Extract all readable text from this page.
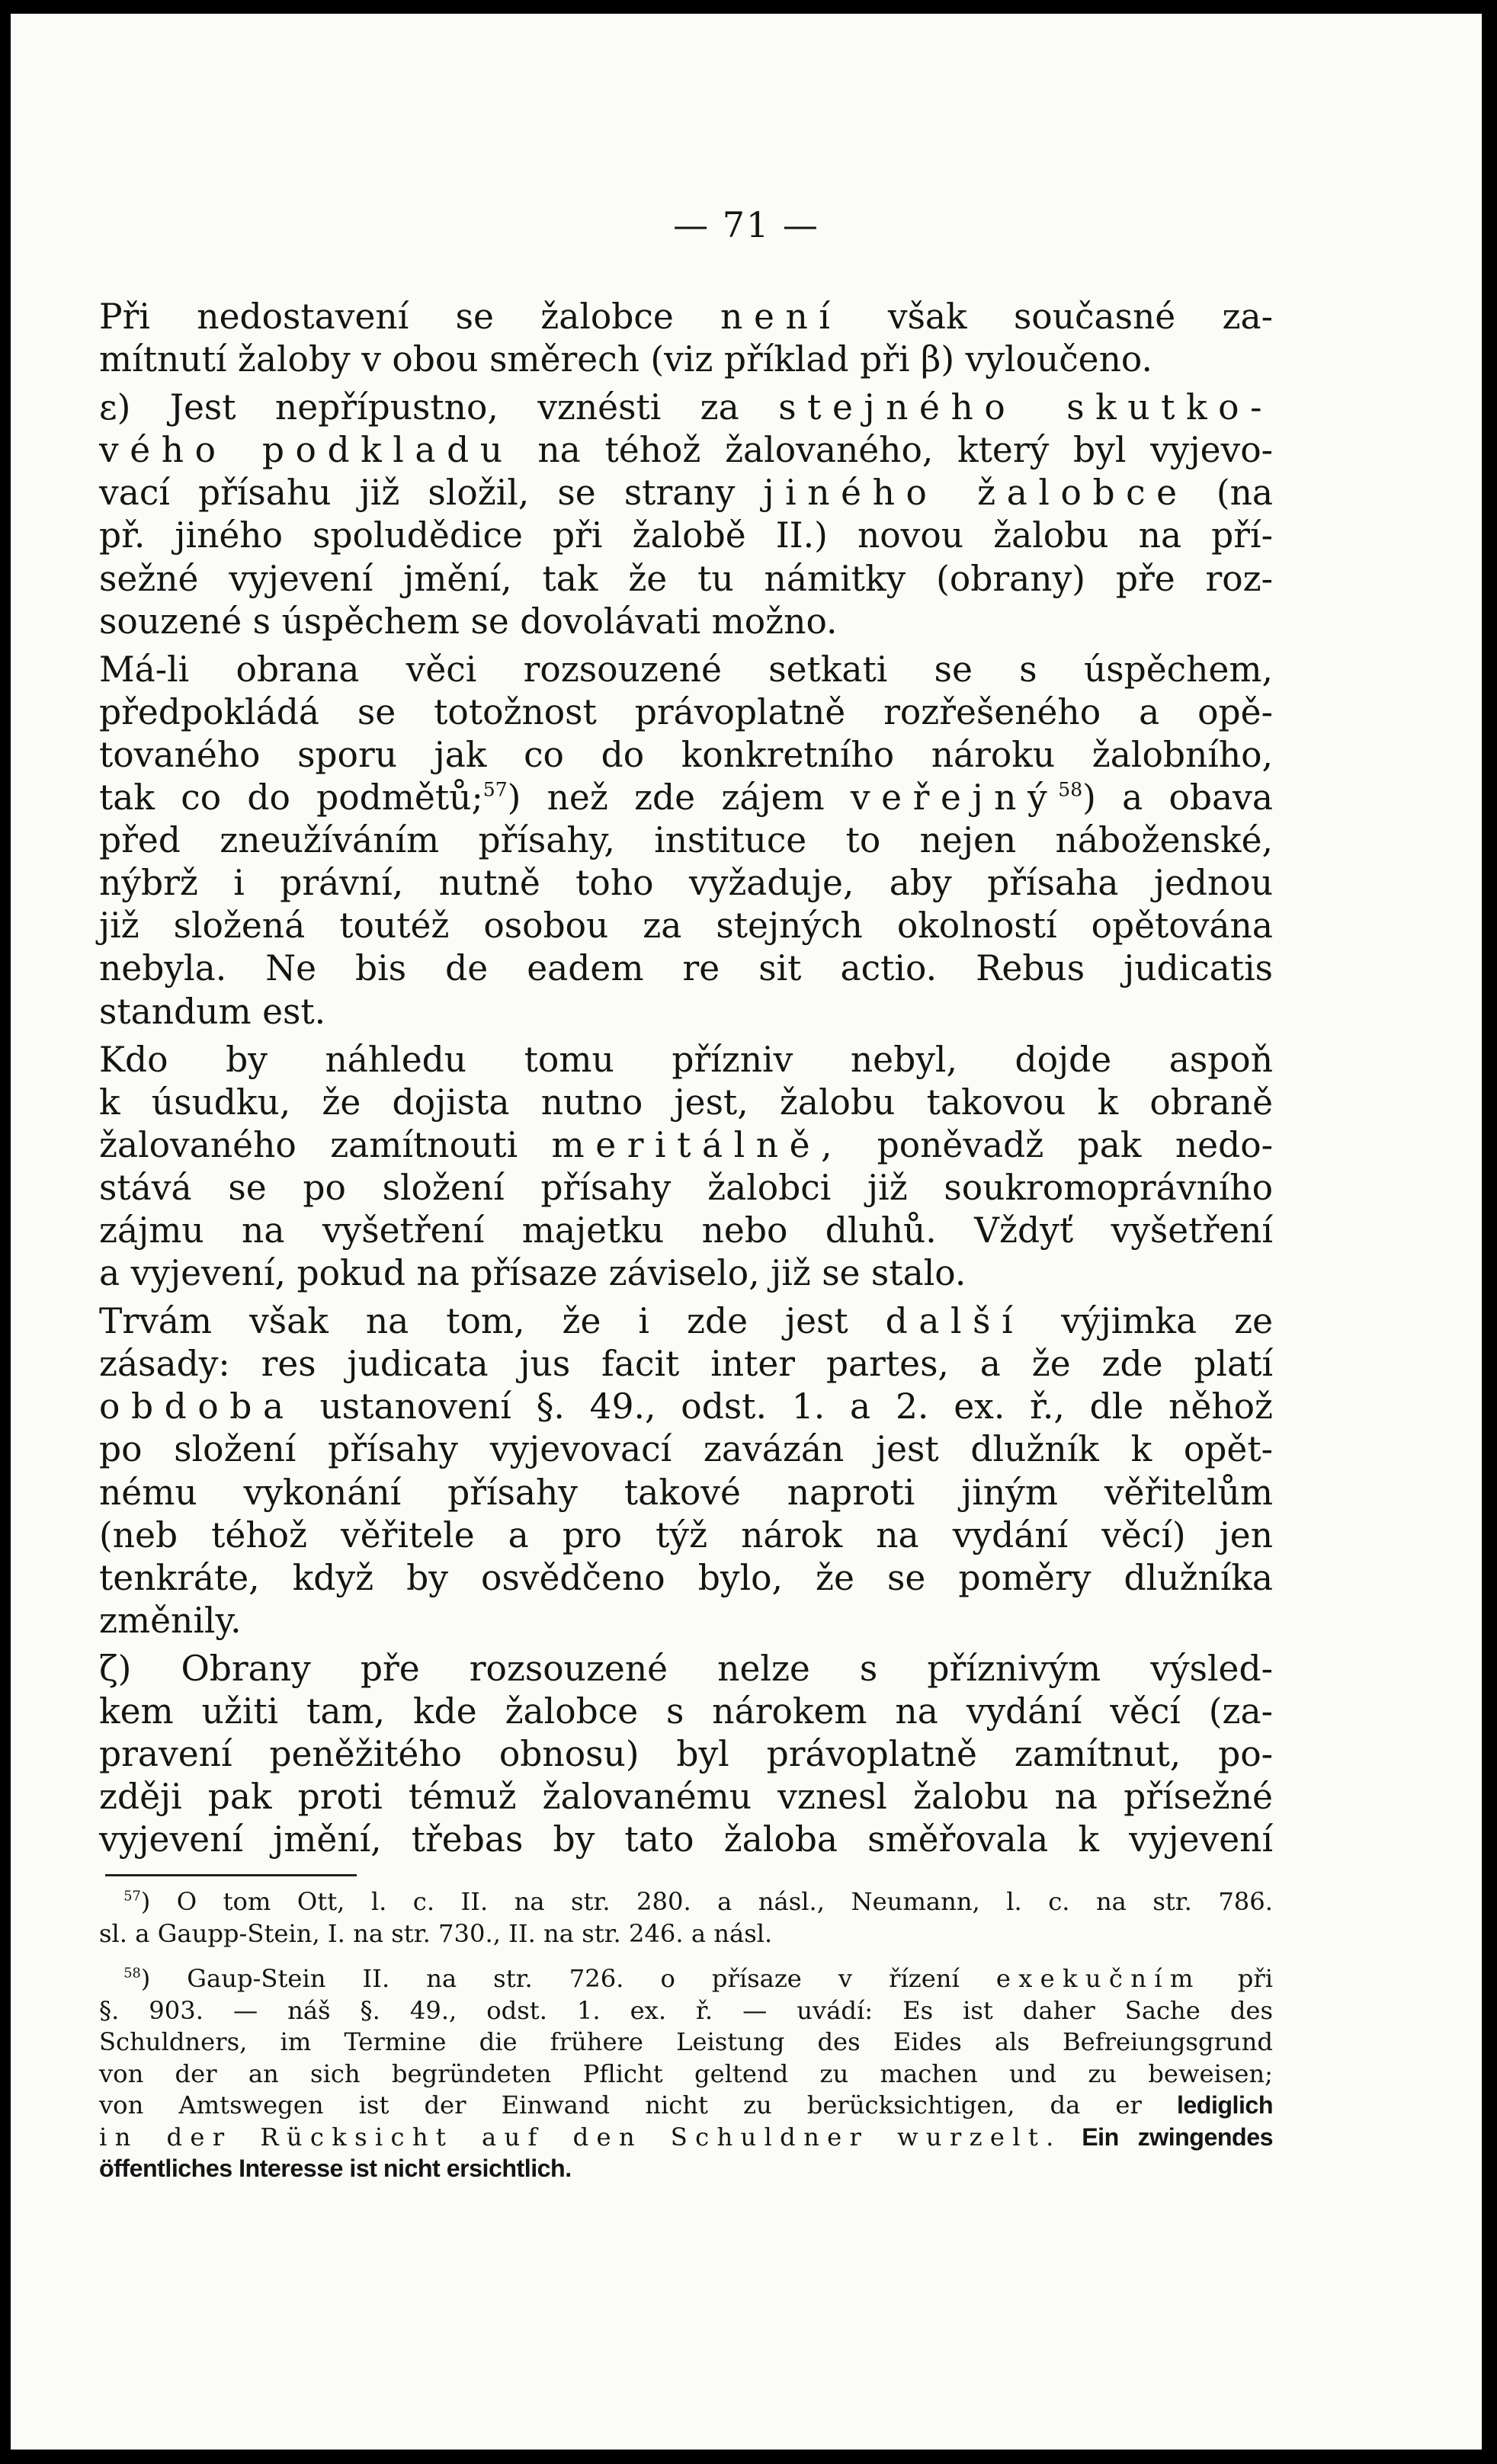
— 71 —
Při nedostavení se žalobce není však současné za-
mítnutí žaloby v obou směrech (viz příklad při β) vyloučeno.
ε) Jest nepřípustno, vznésti za stejného skutko-
vého podkladu na téhož žalovaného, který byl vyjevo-
vací přísahu již složil, se strany jiného žalobce (na
př. jiného spoludědice při žalobě II.) novou žalobu na pří-
sežné vyjevení jmění, tak že tu námitky (obrany) pře roz-
souzené s úspěchem se dovolávati možno.
Má-li obrana věci rozsouzené setkati se s úspěchem,
předpokládá se totožnost právoplatně rozřešeného a opě-
tovaného sporu jak co do konkretního nároku žalobního,
tak co do podmětů;$^{57}$) než zde zájem veřejný$^{58}$) a obava
před zneužíváním přísahy, instituce to nejen náboženské,
nýbrž i právní, nutně toho vyžaduje, aby přísaha jednou
již složená toutéž osobou za stejných okolností opětována
nebyla. Ne bis de eadem re sit actio. Rebus judicatis
standum est.
Kdo by náhledu tomu přízniv nebyl, dojde aspoň
k úsudku, že dojista nutno jest, žalobu takovou k obraně
žalovaného zamítnouti meritálně, poněvadž pak nedo-
stává se po složení přísahy žalobci již soukromoprávního
zájmu na vyšetření majetku nebo dluhů. Vždyť vyšetření
a vyjevení, pokud na přísaze záviselo, již se stalo.
Trvám však na tom, že i zde jest další výjimka ze
zásady: res judicata jus facit inter partes, a že zde platí
obdoba ustanovení §. 49., odst. 1. a 2. ex. ř., dle něhož
po složení přísahy vyjevovací zavázán jest dlužník k opět-
nému vykonání přísahy takové naproti jiným věřitelům
(neb téhož věřitele a pro týž nárok na vydání věcí) jen
tenkráte, když by osvědčeno bylo, že se poměry dlužníka
změnily.
ζ) Obrany pře rozsouzené nelze s příznivým výsled-
kem užiti tam, kde žalobce s nárokem na vydání věcí (za-
pravení peněžitého obnosu) byl právoplatně zamítnut, po-
zději pak proti témuž žalovanému vznesl žalobu na přísežné
vyjevení jmění, třebas by tato žaloba směřovala k vyjevení
 $^{57}$) O tom Ott, l. c. II. na str. 280. a násl., Neumann, l. c. na str. 786.
sl. a Gaupp-Stein, I. na str. 730., II. na str. 246. a násl.
 $^{58}$) Gaup-Stein II. na str. 726. o přísaze v řízení exekučním při
§. 903. — náš §. 49., odst. 1. ex. ř. — uvádí: Es ist daher Sache des
Schuldners, im Termine die frühere Leistung des Eides als Befreiungsgrund
von der an sich begründeten Pflicht geltend zu machen und zu beweisen;
von Amtswegen ist der Einwand nicht zu berücksichtigen, da er lediglich
in der Rücksicht auf den Schuldner wurzelt. Ein zwingendes
öffentliches Interesse ist nicht ersichtlich.
